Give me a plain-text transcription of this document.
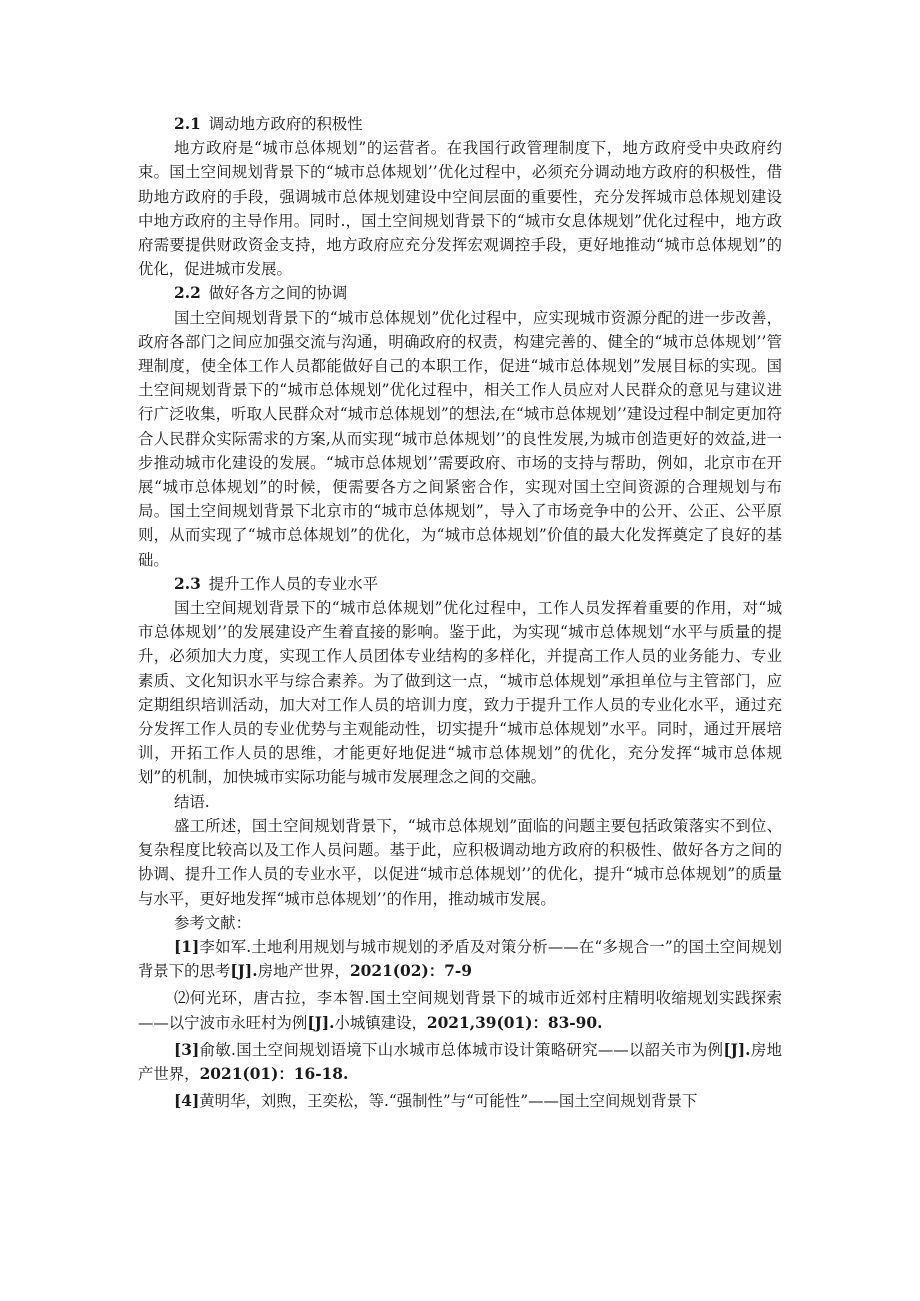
2.1 调动地方政府的积极性

地方政府是“城市总体规划”的运营者。在我国行政管理制度下，地方政府受中央政府约束。国土空间规划背景下的“城市总体规划’’优化过程中，必须充分调动地方政府的积极性，借助地方政府的手段，强调城市总体规划建设中空间层面的重要性，充分发挥城市总体规划建设中地方政府的主导作用。同时.，国土空间规划背景下的“城市女息体规划”优化过程中，地方政府需要提供财政资金支持，地方政府应充分发挥宏观调控手段，更好地推动“城市总体规划”的优化，促进城市发展。

2.2 做好各方之间的协调

国土空间规划背景下的“城市总体规划”优化过程中，应实现城市资源分配的进一步改善，政府各部门之间应加强交流与沟通，明确政府的权责，构建完善的、健全的“城市总体规划’’管理制度，使全体工作人员都能做好自己的本职工作，促进“城市总体规划”发展目标的实现。国土空间规划背景下的“城市总体规划”优化过程中，相关工作人员应对人民群众的意见与建议进行广泛收集，听取人民群众对“城市总体规划”的想法,在“城市总体规划’’建设过程中制定更加符合人民群众实际需求的方案,从而实现“城市总体规划’’的良性发展,为城市创造更好的效益,进一步推动城市化建设的发展。“城市总体规划’’需要政府、市场的支持与帮助，例如，北京市在开展“城市总体规划”的时候，便需要各方之间紧密合作，实现对国土空间资源的合理规划与布局。国土空间规划背景下北京市的“城市总体规划”，导入了市场竞争中的公开、公正、公平原则，从而实现了“城市总体规划”的优化，为“城市总体规划”价值的最大化发挥奠定了良好的基础。

2.3 提升工作人员的专业水平

国土空间规划背景下的“城市总体规划”优化过程中，工作人员发挥着重要的作用，对“城市总体规划’’的发展建设产生着直接的影响。鉴于此，为实现“城市总体规划“水平与质量的提升，必须加大力度，实现工作人员团体专业结构的多样化，并提高工作人员的业务能力、专业素质、文化知识水平与综合素养。为了做到这一点，“城市总体规划”承担单位与主管部门，应定期组织培训活动，加大对工作人员的培训力度，致力于提升工作人员的专业化水平，通过充分发挥工作人员的专业优势与主观能动性，切实提升“城市总体规划”水平。同时，通过开展培训，开拓工作人员的思维，才能更好地促进“城市总体规划”的优化，充分发挥“城市总体规划”的机制，加快城市实际功能与城市发展理念之间的交融。

结语.

盛工所述，国土空间规划背景下，“城市总体规划”面临的问题主要包括政策落实不到位、复杂程度比较高以及工作人员问题。基于此，应积极调动地方政府的积极性、做好各方之间的协调、提升工作人员的专业水平，以促进“城市总体规划’’的优化，提升“城市总体规划”的质量与水平，更好地发挥“城市总体规划’’的作用，推动城市发展。

参考文献：

[1]李如军.土地利用规划与城市规划的矛盾及对策分析——在“多规合一”的国土空间规划背景下的思考[J].房地产世界，2021(02)：7-9

⑵何光环，唐古拉，李本智.国土空间规划背景下的城市近郊村庄精明收缩规划实践探索——以宁波市永旺村为例[J].小城镇建设，2021,39(01)：83-90.

[3]俞敏.国土空间规划语境下山水城市总体城市设计策略研究——以韶关市为例[J].房地产世界，2021(01)：16-18.

[4]黄明华，刘煦，王奕松，等.“强制性”与“可能性”——国土空间规划背景下
